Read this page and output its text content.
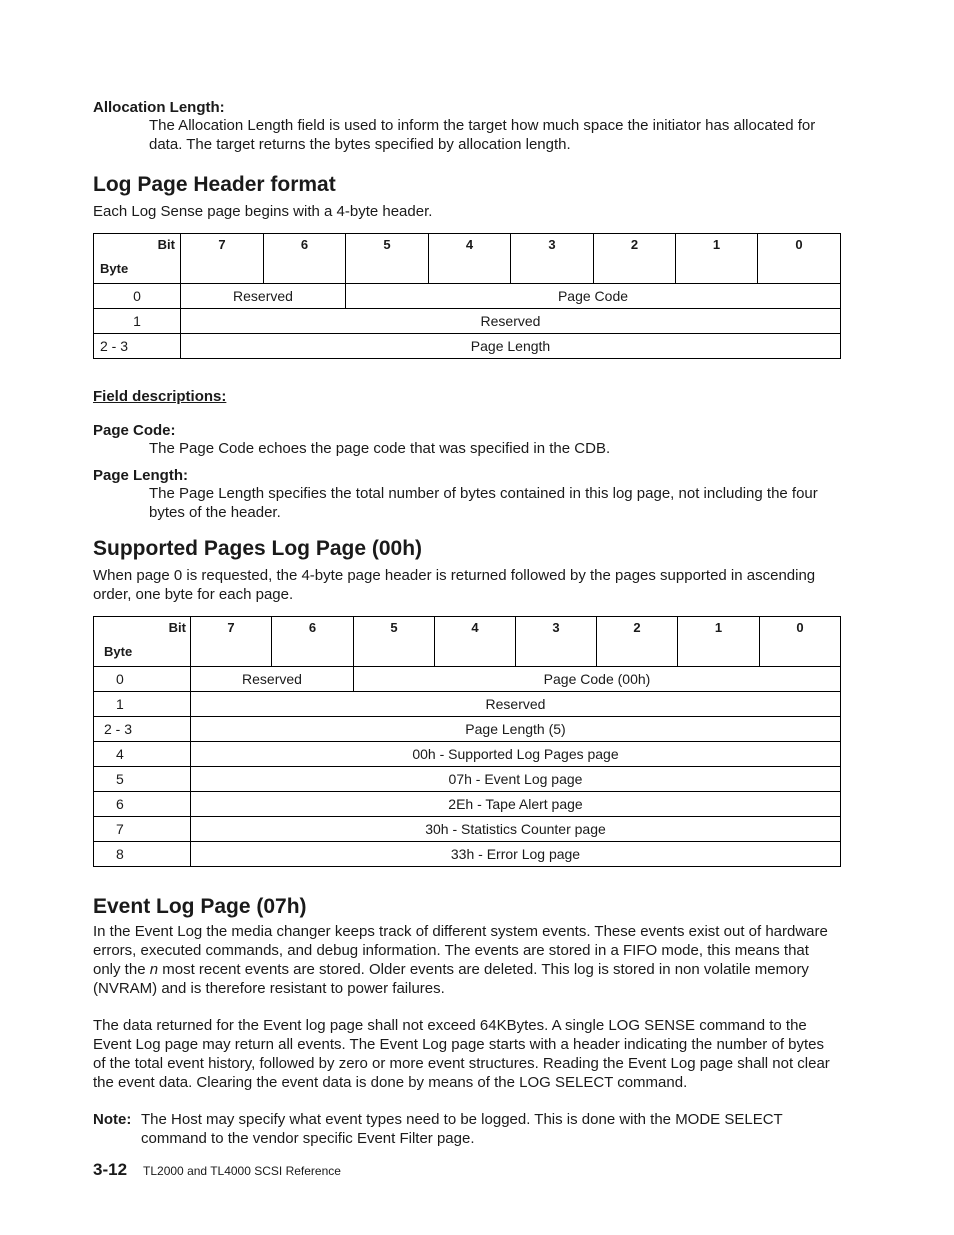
Allocation Length:

The Allocation Length field is used to inform the target how much space the initiator has allocated for data. The target returns the bytes specified by allocation length.

Log Page Header format

Each Log Sense page begins with a 4-byte header.

Bit
Byte	7	6	5	4	3	2	1	0
0	Reserved		Page Code					
1	Reserved							
2 - 3	Page Length							

Field descriptions:

Page Code:

The Page Code echoes the page code that was specified in the CDB.

Page Length:

The Page Length specifies the total number of bytes contained in this log page, not including the four bytes of the header.

Supported Pages Log Page (00h)

When page 0 is requested, the 4-byte page header is returned followed by the pages supported in ascending order, one byte for each page.

Bit
Byte	7	6	5	4	3	2	1	0
0	Reserved		Page Code (00h)					
1	Reserved							
2 - 3	Page Length (5)							
4	00h - Supported Log Pages page							
5	07h - Event Log page							
6	2Eh - Tape Alert page							
7	30h - Statistics Counter page							
8	33h - Error Log page							
Event Log Page (07h)

In the Event Log the media changer keeps track of different system events. These events exist out of hardware errors, executed commands, and debug information. The events are stored in a FIFO mode, this means that only the n most recent events are stored. Older events are deleted. This log is stored in non volatile memory (NVRAM) and is therefore resistant to power failures.

The data returned for the Event log page shall not exceed 64KBytes. A single LOG SENSE command to the Event Log page may return all events. The Event Log page starts with a header indicating the number of bytes of the total event history, followed by zero or more event structures. Reading the Event Log page shall not clear the event data. Clearing the event data is done by means of the LOG SELECT command.

Note: The Host may specify what event types need to be logged. This is done with the MODE SELECT command to the vendor specific Event Filter page.
3-12 TL2000 and TL4000 SCSI Reference
